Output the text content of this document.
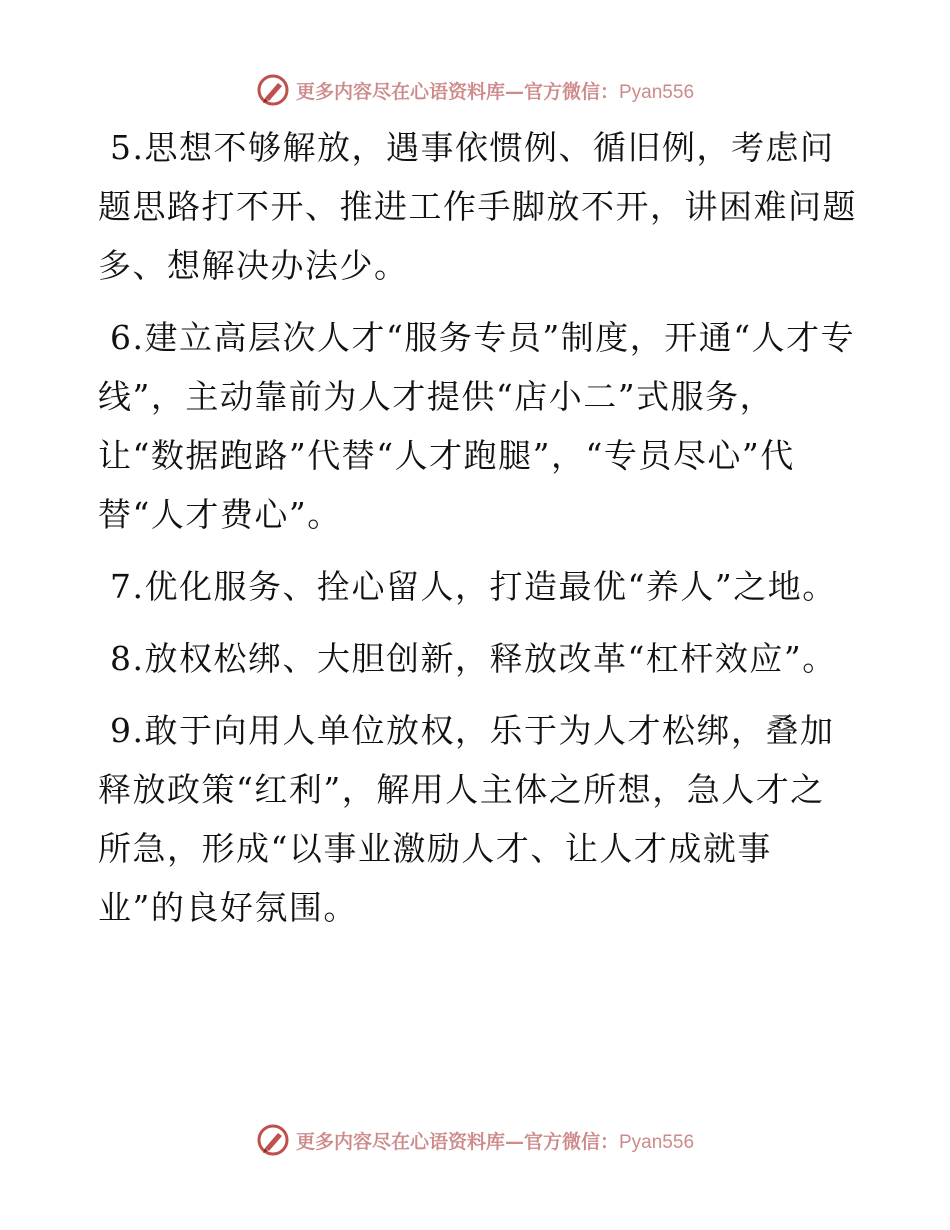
更多内容尽在心语资料库—官方微信：Pyan556

5.思想不够解放，遇事依惯例、循旧例，考虑问题思路打不开、推进工作手脚放不开，讲困难问题多、想解决办法少。

6.建立高层次人才“服务专员”制度，开通“人才专线”，主动靠前为人才提供“店小二”式服务，让“数据跑路”代替“人才跑腿”，“专员尽心”代替“人才费心”。

7.优化服务、拴心留人，打造最优“养人”之地。

8.放权松绑、大胆创新，释放改革“杠杆效应”。

9.敢于向用人单位放权，乐于为人才松绑，叠加释放政策“红利”，解用人主体之所想，急人才之所急，形成“以事业激励人才、让人才成就事业”的良好氛围。

更多内容尽在心语资料库—官方微信：Pyan556
